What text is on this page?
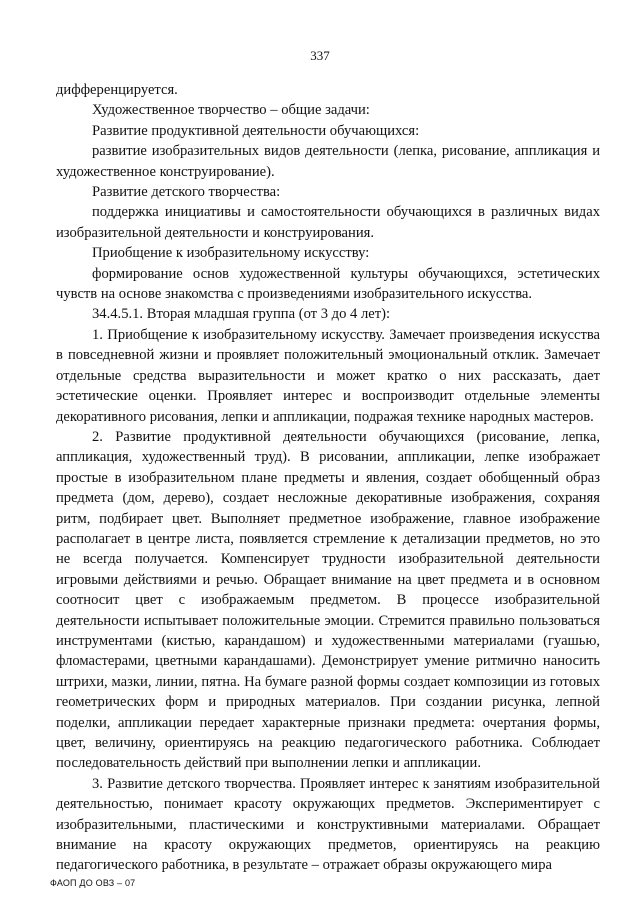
337

дифференцируется.

Художественное творчество – общие задачи:

Развитие продуктивной деятельности обучающихся:

развитие изобразительных видов деятельности (лепка, рисование, аппликация и художественное конструирование).

Развитие детского творчества:

поддержка инициативы и самостоятельности обучающихся в различных видах изобразительной деятельности и конструирования.

Приобщение к изобразительному искусству:

формирование основ художественной культуры обучающихся, эстетических чувств на основе знакомства с произведениями изобразительного искусства.

34.4.5.1. Вторая младшая группа (от 3 до 4 лет):

1. Приобщение к изобразительному искусству. Замечает произведения искусства в повседневной жизни и проявляет положительный эмоциональный отклик. Замечает отдельные средства выразительности и может кратко о них рассказать, дает эстетические оценки. Проявляет интерес и воспроизводит отдельные элементы декоративного рисования, лепки и аппликации, подражая технике народных мастеров.

2. Развитие продуктивной деятельности обучающихся (рисование, лепка, аппликация, художественный труд). В рисовании, аппликации, лепке изображает простые в изобразительном плане предметы и явления, создает обобщенный образ предмета (дом, дерево), создает несложные декоративные изображения, сохраняя ритм, подбирает цвет. Выполняет предметное изображение, главное изображение располагает в центре листа, появляется стремление к детализации предметов, но это не всегда получается. Компенсирует трудности изобразительной деятельности игровыми действиями и речью. Обращает внимание на цвет предмета и в основном соотносит цвет с изображаемым предметом. В процессе изобразительной деятельности испытывает положительные эмоции. Стремится правильно пользоваться инструментами (кистью, карандашом) и художественными материалами (гуашью, фломастерами, цветными карандашами). Демонстрирует умение ритмично наносить штрихи, мазки, линии, пятна. На бумаге разной формы создает композиции из готовых геометрических форм и природных материалов. При создании рисунка, лепной поделки, аппликации передает характерные признаки предмета: очертания формы, цвет, величину, ориентируясь на реакцию педагогического работника. Соблюдает последовательность действий при выполнении лепки и аппликации.

3. Развитие детского творчества. Проявляет интерес к занятиям изобразительной деятельностью, понимает красоту окружающих предметов. Экспериментирует с изобразительными, пластическими и конструктивными материалами. Обращает внимание на красоту окружающих предметов, ориентируясь на реакцию педагогического работника, в результате – отражает образы окружающего мира

ФАОП ДО ОВЗ – 07
